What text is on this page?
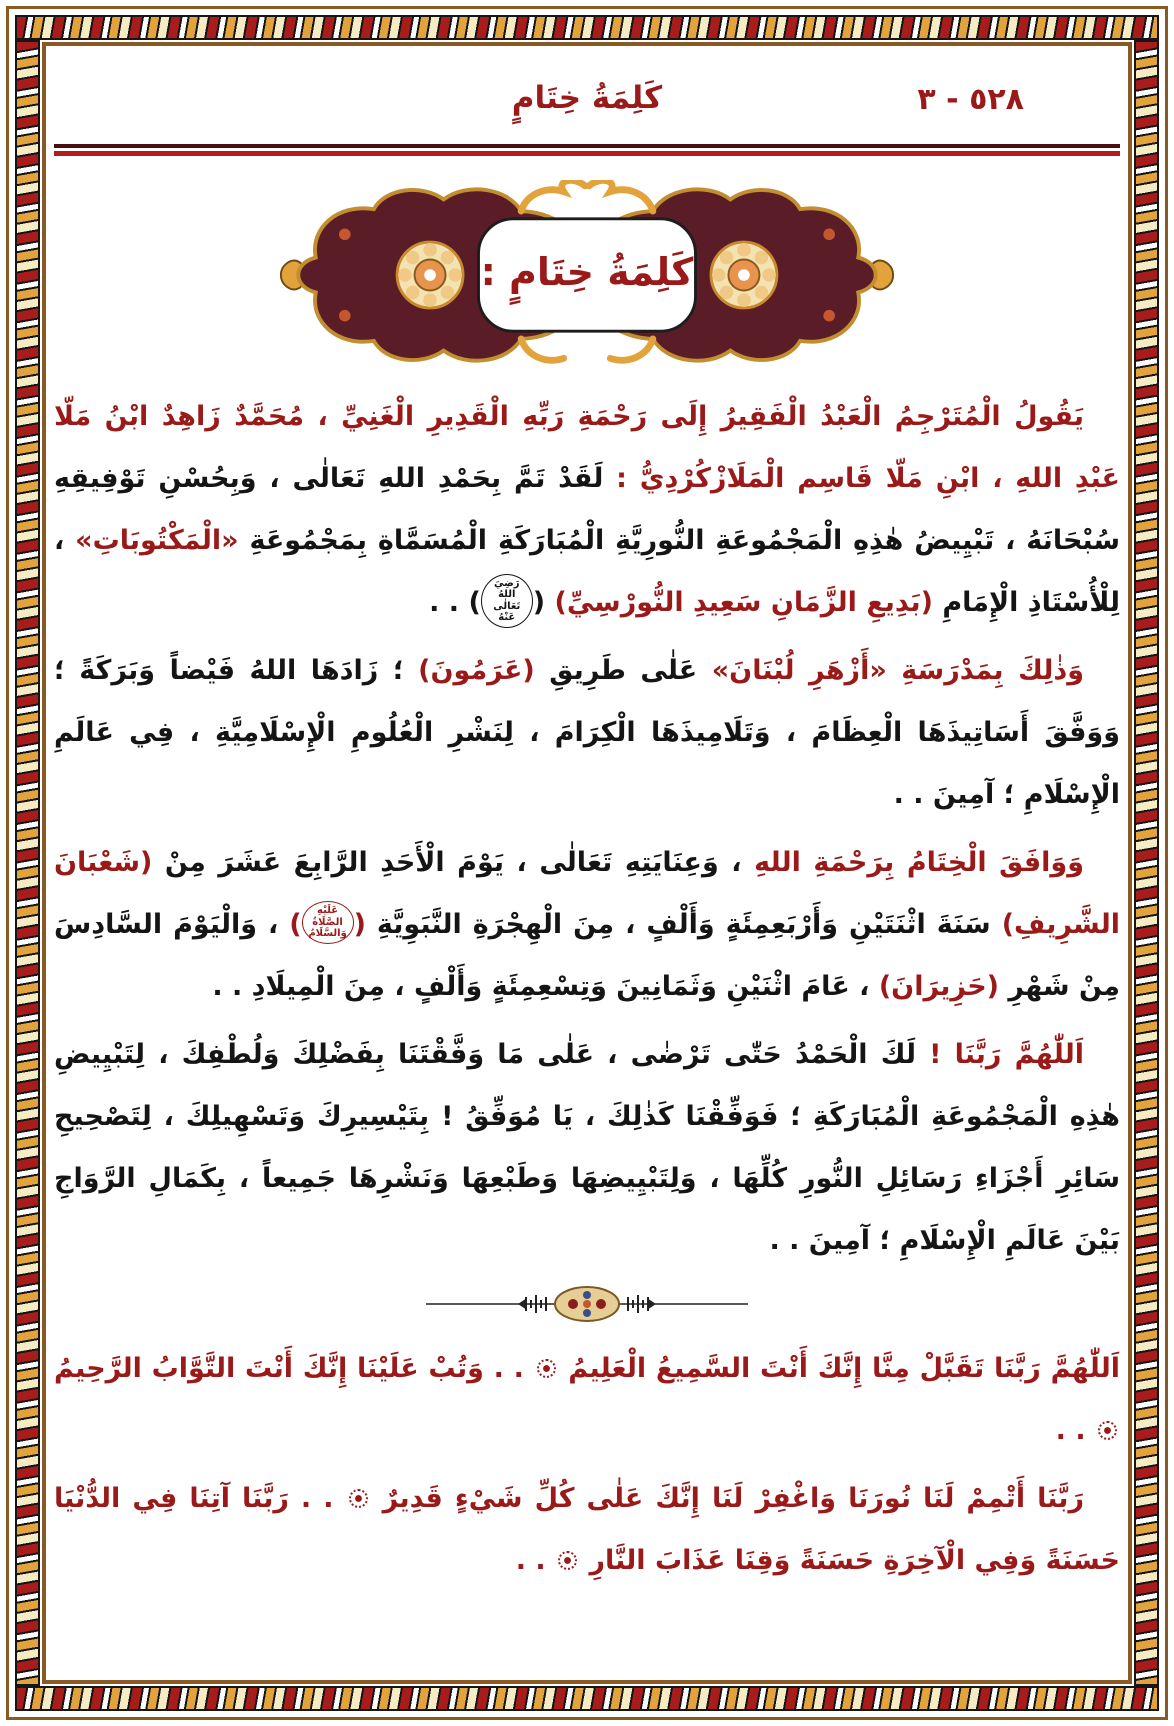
٥٢٨ - ٣
كَلِمَةُ خِتَامٍ
كَلِمَةُ خِتَامٍ :

يَقُولُ الْمُتَرْجِمُ الْعَبْدُ الْفَقِيرُ إِلَى رَحْمَةِ رَبِّهِ الْقَدِيرِ الْغَنِيِّ ، مُحَمَّدٌ زَاهِدٌ ابْنُ مَلّا عَبْدِ اللهِ ، ابْنِ مَلّا قَاسِم الْمَلَازْكُرْدِيُّ : لَقَدْ تَمَّ بِحَمْدِ اللهِ تَعَالٰى ، وَبِحُسْنِ تَوْفِيقِهِ سُبْحَانَهُ ، تَبْيِيضُ هٰذِهِ الْمَجْمُوعَةِ النُّورِيَّةِ الْمُبَارَكَةِ الْمُسَمَّاةِ بِمَجْمُوعَةِ «الْمَكْتُوبَاتِ» ، لِلْأُسْتَاذِ الْإِمَامِ (بَدِيعِ الزَّمَانِ سَعِيدِ النُّورْسِيِّ) (رَضِيَ اللهُ تَعَالٰى عَنْهُ) . .

وَذٰلِكَ بِمَدْرَسَةِ «أَزْهَرِ لُبْنَانَ» عَلٰى طَرِيقِ (عَرَمُونَ) ؛ زَادَهَا اللهُ فَيْضاً وَبَرَكَةً ؛ وَوَفَّقَ أَسَاتِيذَهَا الْعِظَامَ ، وَتَلَامِيذَهَا الْكِرَامَ ، لِنَشْرِ الْعُلُومِ الْإِسْلَامِيَّةِ ، فِي عَالَمِ الْإِسْلَامِ ؛ آمِينَ . .

وَوَافَقَ الْخِتَامُ بِرَحْمَةِ اللهِ ، وَعِنَايَتِهِ تَعَالٰى ، يَوْمَ الْأَحَدِ الرَّابِعَ عَشَرَ مِنْ (شَعْبَانَ الشَّرِيفِ) سَنَةَ اثْنَتَيْنِ وَأَرْبَعِمِئَةٍ وَأَلْفٍ ، مِنَ الْهِجْرَةِ النَّبَوِيَّةِ (عَلَيْهِ الصَّلَاةُ وَالسَّلَامُ) ، وَالْيَوْمَ السَّادِسَ مِنْ شَهْرِ (حَزِيرَانَ) ، عَامَ اثْنَيْنِ وَثَمَانِينَ وَتِسْعِمِئَةٍ وَأَلْفٍ ، مِنَ الْمِيلَادِ . .

اَللّٰهُمَّ رَبَّنَا ! لَكَ الْحَمْدُ حَتّٰى تَرْضٰى ، عَلٰى مَا وَفَّقْتَنَا بِفَضْلِكَ وَلُطْفِكَ ، لِتَبْيِيضِ هٰذِهِ الْمَجْمُوعَةِ الْمُبَارَكَةِ ؛ فَوَفِّقْنَا كَذٰلِكَ ، يَا مُوَفِّقُ ! بِتَيْسِيرِكَ وَتَسْهِيلِكَ ، لِتَصْحِيحِ سَائِرِ أَجْزَاءِ رَسَائِلِ النُّورِ كُلِّهَا ، وَلِتَبْيِيضِهَا وَطَبْعِهَا وَنَشْرِهَا جَمِيعاً ، بِكَمَالِ الرَّوَاجِ بَيْنَ عَالَمِ الْإِسْلَامِ ؛ آمِينَ . .

اَللّٰهُمَّ رَبَّنَا تَقَبَّلْ مِنَّا إِنَّكَ أَنْتَ السَّمِيعُ الْعَلِيمُ  . . وَتُبْ عَلَيْنَا إِنَّكَ أَنْتَ التَّوَّابُ الرَّحِيمُ  . .

رَبَّنَا أَتْمِمْ لَنَا نُورَنَا وَاغْفِرْ لَنَا إِنَّكَ عَلٰى كُلِّ شَيْءٍ قَدِيرٌ  . . رَبَّنَا آتِنَا فِي الدُّنْيَا حَسَنَةً وَفِي الْآخِرَةِ حَسَنَةً وَقِنَا عَذَابَ النَّارِ  . .
